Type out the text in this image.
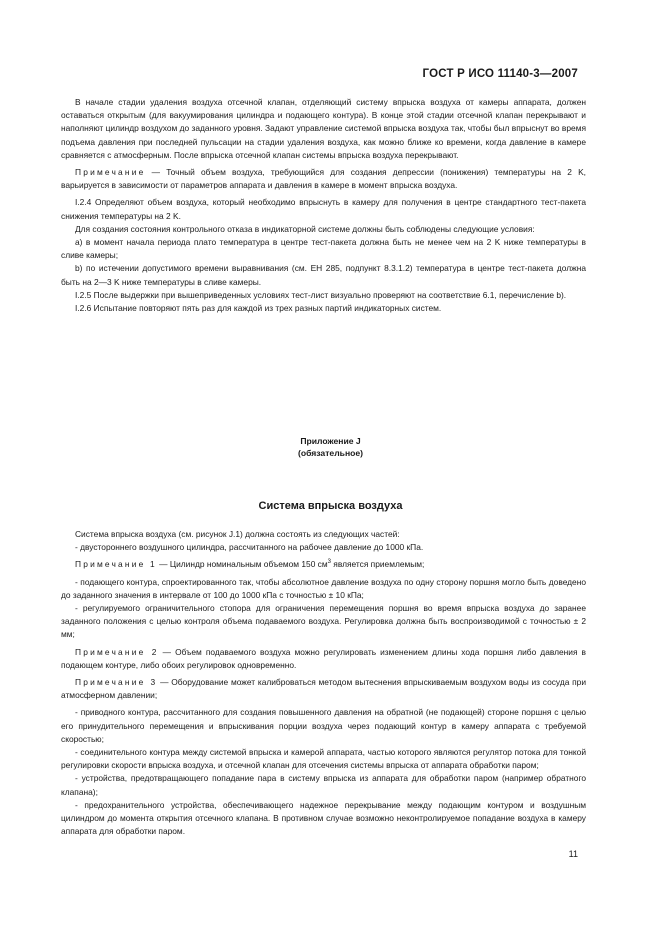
ГОСТ Р ИСО 11140-3—2007

В начале стадии удаления воздуха отсечной клапан, отделяющий систему впрыска воздуха от камеры аппарата, должен оставаться открытым (для вакуумирования цилиндра и подающего контура). В конце этой стадии отсечной клапан перекрывают и наполняют цилиндр воздухом до заданного уровня. Задают управление системой впрыска воздуха так, чтобы был впрыснут во время подъема давления при последней пульсации на стадии удаления воздуха, как можно ближе ко времени, когда давление в камере сравняется с атмосферным. После впрыска отсечной клапан системы впрыска воздуха перекрывают.

Примечание — Точный объем воздуха, требующийся для создания депрессии (понижения) температуры на 2 K, варьируется в зависимости от параметров аппарата и давления в камере в момент впрыска воздуха.

I.2.4 Определяют объем воздуха, который необходимо впрыснуть в камеру для получения в центре стандартного тест-пакета снижения температуры на 2 K.

Для создания состояния контрольного отказа в индикаторной системе должны быть соблюдены следующие условия:

a) в момент начала периода плато температура в центре тест-пакета должна быть не менее чем на 2 K ниже температуры в сливе камеры;

b) по истечении допустимого времени выравнивания (см. ЕН 285, подпункт 8.3.1.2) температура в центре тест-пакета должна быть на 2—3 K ниже температуры в сливе камеры.

I.2.5 После выдержки при вышеприведенных условиях тест-лист визуально проверяют на соответствие 6.1, перечисление b).

I.2.6 Испытание повторяют пять раз для каждой из трех разных партий индикаторных систем.

Приложение J
(обязательное)
Система впрыска воздуха

Система впрыска воздуха (см. рисунок J.1) должна состоять из следующих частей:

- двустороннего воздушного цилиндра, рассчитанного на рабочее давление до 1000 кПа.

Примечание 1 — Цилиндр номинальным объемом 150 $см^3$ является приемлемым;

- подающего контура, спроектированного так, чтобы абсолютное давление воздуха по одну сторону поршня могло быть доведено до заданного значения в интервале от 100 до 1000 кПа с точностью ± 10 кПа;

- регулируемого ограничительного стопора для ограничения перемещения поршня во время впрыска воздуха до заранее заданного положения с целью контроля объема подаваемого воздуха. Регулировка должна быть воспроизводимой с точностью ± 2 мм;

Примечание 2 — Объем подаваемого воздуха можно регулировать изменением длины хода поршня либо давления в подающем контуре, либо обоих регулировок одновременно.

Примечание 3 — Оборудование может калиброваться методом вытеснения впрыскиваемым воздухом воды из сосуда при атмосферном давлении;

- приводного контура, рассчитанного для создания повышенного давления на обратной (не подающей) стороне поршня с целью его принудительного перемещения и впрыскивания порции воздуха через подающий контур в камеру аппарата с требуемой скоростью;

- соединительного контура между системой впрыска и камерой аппарата, частью которого являются регулятор потока для тонкой регулировки скорости впрыска воздуха, и отсечной клапан для отсечения системы впрыска от аппарата обработки паром;

- устройства, предотвращающего попадание пара в систему впрыска из аппарата для обработки паром (например обратного клапана);

- предохранительного устройства, обеспечивающего надежное перекрывание между подающим контуром и воздушным цилиндром до момента открытия отсечного клапана. В противном случае возможно неконтролируемое попадание воздуха в камеру аппарата для обработки паром.

11
